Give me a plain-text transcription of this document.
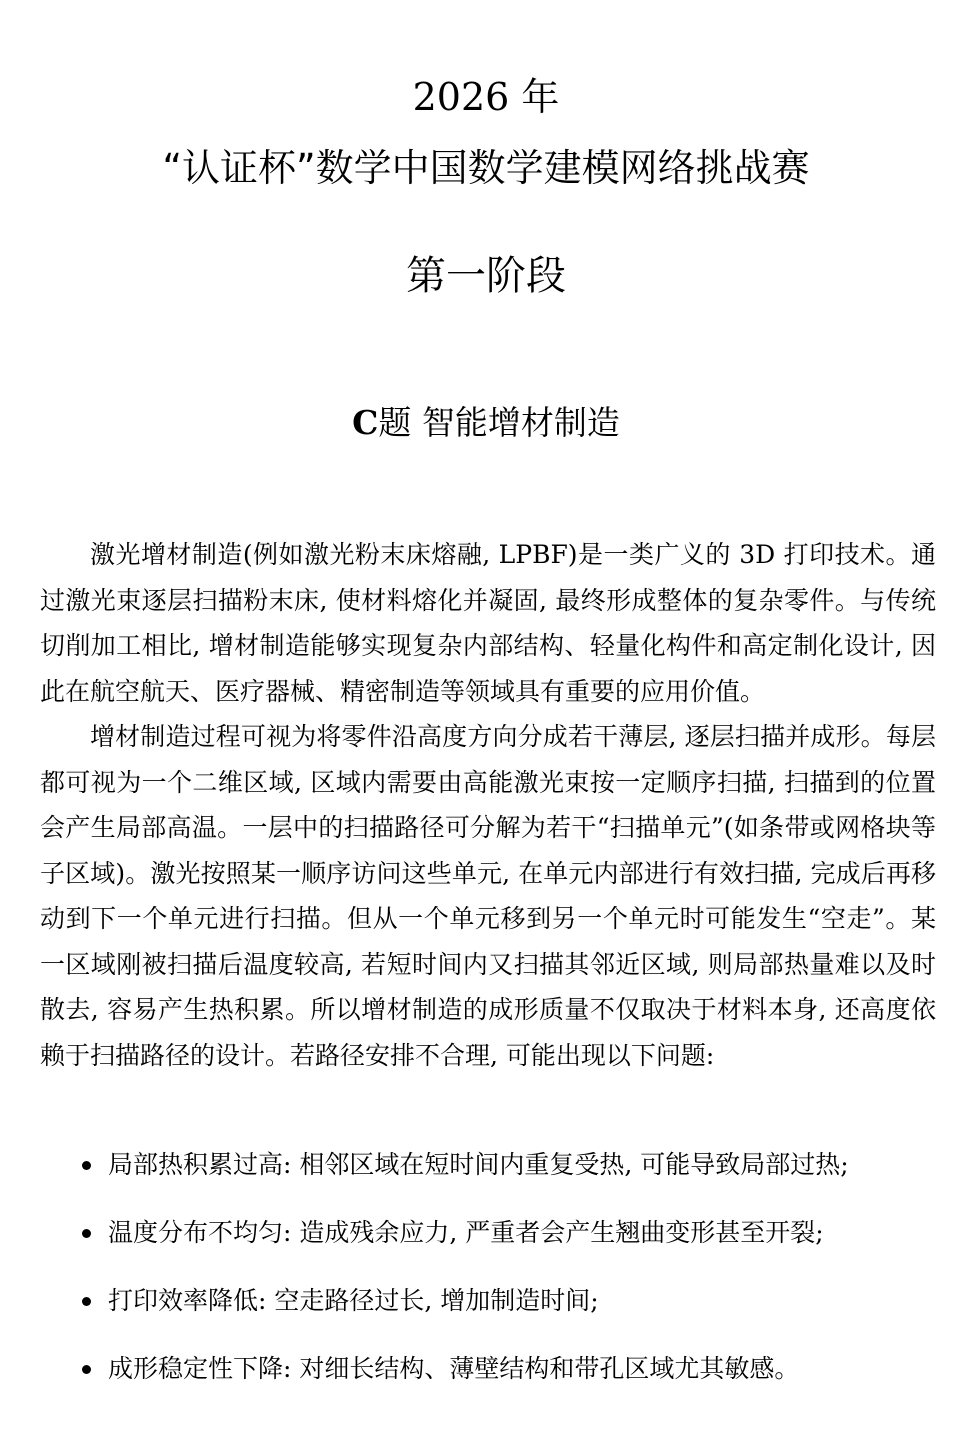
2026 年
“认证杯”数学中国数学建模网络挑战赛
第一阶段
C题 智能增材制造

激光增材制造(例如激光粉末床熔融, LPBF)是一类广义的 3D 打印技术。通过激光束逐层扫描粉末床, 使材料熔化并凝固, 最终形成整体的复杂零件。与传统切削加工相比, 增材制造能够实现复杂内部结构、轻量化构件和高定制化设计, 因此在航空航天、医疗器械、精密制造等领域具有重要的应用价值。

增材制造过程可视为将零件沿高度方向分成若干薄层, 逐层扫描并成形。每层都可视为一个二维区域, 区域内需要由高能激光束按一定顺序扫描, 扫描到的位置会产生局部高温。一层中的扫描路径可分解为若干“扫描单元”(如条带或网格块等子区域)。激光按照某一顺序访问这些单元, 在单元内部进行有效扫描, 完成后再移动到下一个单元进行扫描。但从一个单元移到另一个单元时可能发生“空走”。某一区域刚被扫描后温度较高, 若短时间内又扫描其邻近区域, 则局部热量难以及时散去, 容易产生热积累。所以增材制造的成形质量不仅取决于材料本身, 还高度依赖于扫描路径的设计。若路径安排不合理, 可能出现以下问题:

局部热积累过高: 相邻区域在短时间内重复受热, 可能导致局部过热;
温度分布不均匀: 造成残余应力, 严重者会产生翘曲变形甚至开裂;
打印效率降低: 空走路径过长, 增加制造时间;
成形稳定性下降: 对细长结构、薄壁结构和带孔区域尤其敏感。
